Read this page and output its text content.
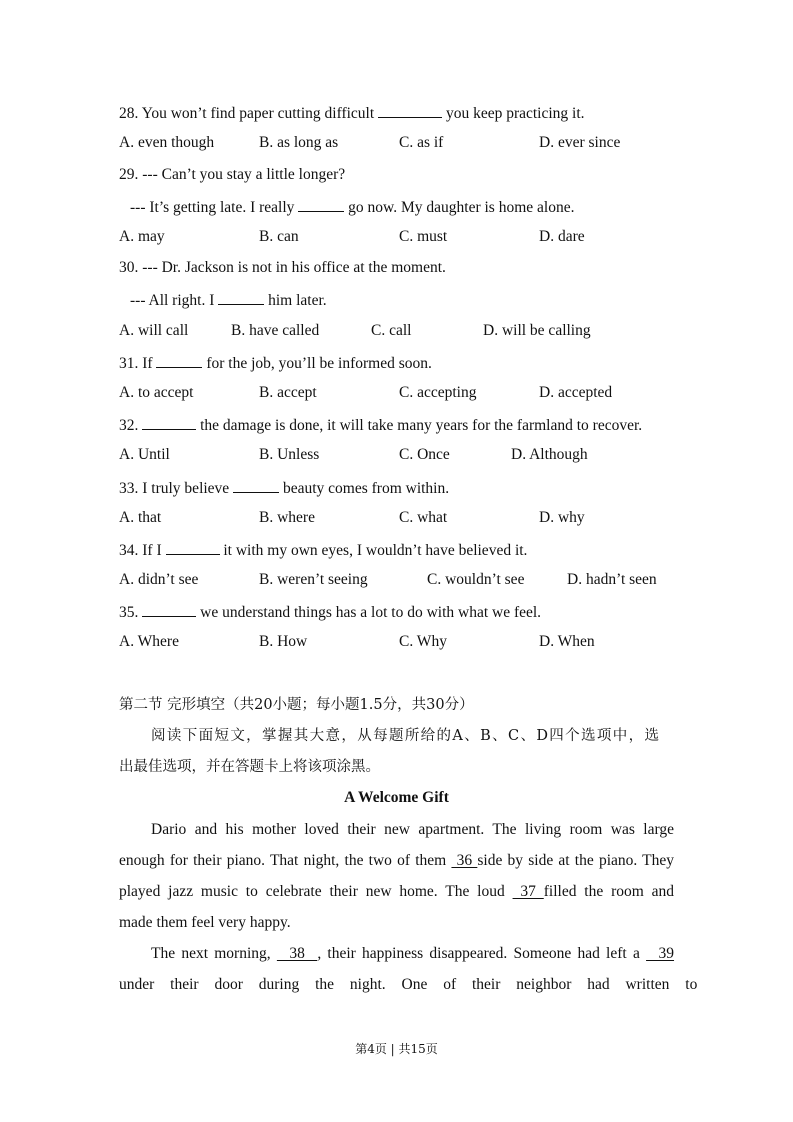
28. You won’t find paper cutting difficult	you keep practicing it.
A. even though	B. as long as	C. as if	D. ever since
29. --- Can’t you stay a little longer?
--- It’s getting late. I really	go now. My daughter is home alone.
A. may	B. can	C. must	D. dare
30. --- Dr. Jackson is not in his office at the moment.
--- All right. I	him later.
A. will call	B. have called	C. call	D. will be calling
31. If	for the job, you’ll be informed soon.
A. to accept	B. accept	C. accepting	D. accepted
32.	the damage is done, it will take many years for the farmland to recover.
A. Until	B. Unless	C. Once	D. Although
33. I truly believe	beauty comes from within.
A. that	B. where	C. what	D. why
34. If I	it with my own eyes, I wouldn’t have believed it.
A. didn’t see	B. weren’t seeing	C. wouldn’t see	D. hadn’t seen
35.	we understand things has a lot to do with what we feel.
A. Where	B. How	C. Why	D. When
第二节 完形填空（共20小题；每小题1.5分，共30分）
阅读下面短文，掌握其大意，从每题所给的A、B、C、D四个选项中，选
出最佳选项，并在答题卡上将该项涂黑。
A Welcome Gift
Dario and his mother loved their new apartment. The living room was large
enough for their piano. That night, the two of them  36 side by side at the piano. They
played jazz music to celebrate their new home. The loud  37 filled the room and
made them feel very happy.
The next morning,   38  , their happiness disappeared. Someone had left a   39
under their door during the night. One of their neighbor had written to
第4页 | 共15页
